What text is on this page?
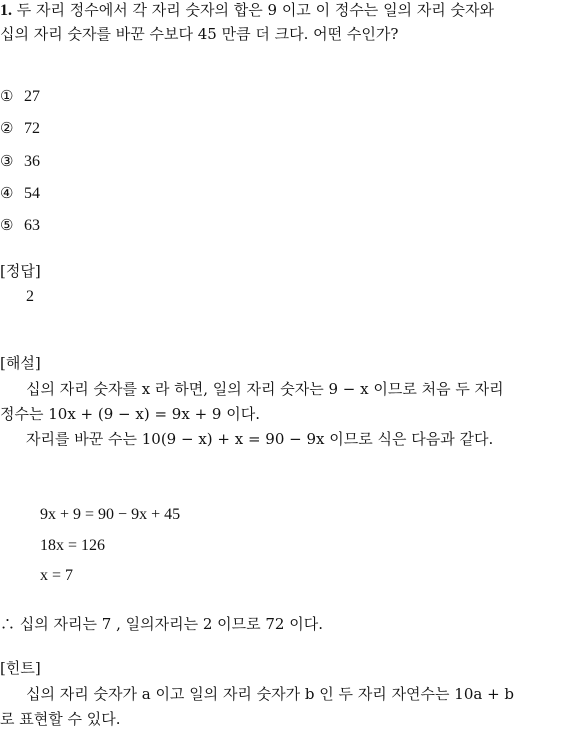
1. 두 자리 정수에서 각 자리 숫자의 합은 9 이고 이 정수는 일의 자리 숫자와
십의 자리 숫자를 바꾼 수보다 45 만큼 더 크다. 어떤 수인가?
① 27
② 72
③ 36
④ 54
⑤ 63
[정답]
2
[해설]
십의 자리 숫자를 x 라 하면, 일의 자리 숫자는 9 − x 이므로 처음 두 자리
정수는 10x + (9 − x) = 9x + 9 이다.
자리를 바꾼 수는 10(9 − x) + x = 90 − 9x 이므로 식은 다음과 같다.
9x + 9 = 90 − 9x + 45
18x = 126
x = 7
∴ 십의 자리는 7 , 일의자리는 2 이므로 72 이다.
[힌트]
십의 자리 숫자가 a 이고 일의 자리 숫자가 b 인 두 자리 자연수는 10a + b
로 표현할 수 있다.
